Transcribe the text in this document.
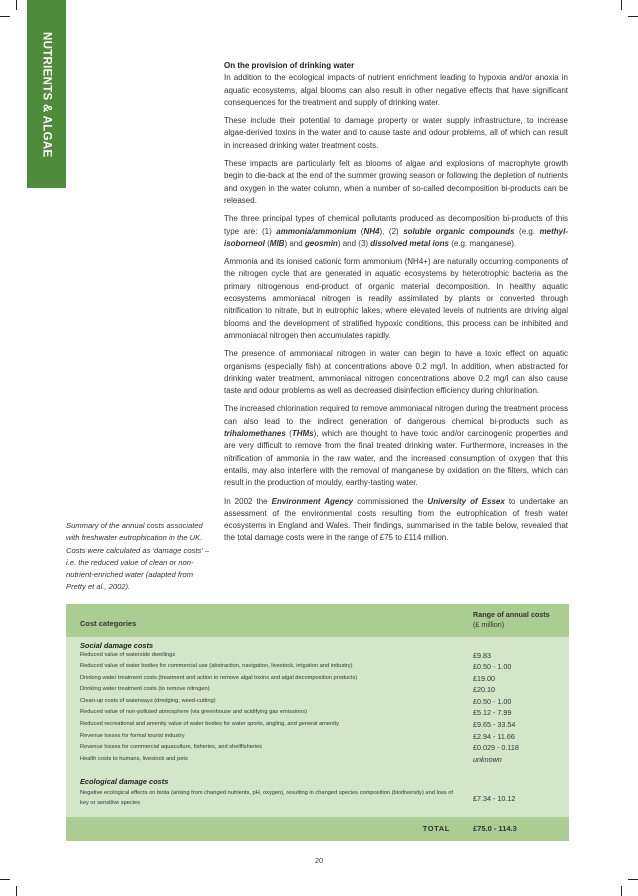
NUTRIENTS & ALGAE	On the provision of drinking water

In addition to the ecological impacts of nutrient enrichment leading to hypoxia and/or anoxia in aquatic ecosystems, algal blooms can also result in other negative effects that have significant consequences for the treatment and supply of drinking water.

These include their potential to damage property or water supply infrastructure, to increase algae-derived toxins in the water and to cause taste and odour problems, all of which can result in increased drinking water treatment costs.

These impacts are particularly felt as blooms of algae and explosions of macrophyte growth begin to die-back at the end of the summer growing season or following the depletion of nutrients and oxygen in the water column, when a number of so-called decomposition bi-products can be released.

The three principal types of chemical pollutants produced as decomposition bi-products of this type are: (1) ammonia/ammonium (NH4), (2) soluble organic compounds (e.g. methyl-isoborneol (MIB) and geosmin) and (3) dissolved metal ions (e.g. manganese).

Ammonia and its ionised cationic form ammonium (NH4+) are naturally occurring components of the nitrogen cycle that are generated in aquatic ecosystems by heterotrophic bacteria as the primary nitrogenous end-product of organic material decomposition. In healthy aquatic ecosystems ammoniacal nitrogen is readily assimilated by plants or converted through nitrification to nitrate, but in eutrophic lakes, where elevated levels of nutrients are driving algal blooms and the development of stratified hypoxic conditions, this process can be inhibited and ammoniacal nitrogen then accumulates rapidly.

The presence of ammoniacal nitrogen in water can begin to have a toxic effect on aquatic organisms (especially fish) at concentrations above 0.2 mg/l. In addition, when abstracted for drinking water treatment, ammoniacal nitrogen concentrations above 0.2 mg/l can also cause taste and odour problems as well as decreased disinfection efficiency during chlorination.

The increased chlorination required to remove ammoniacal nitrogen during the treatment process can also lead to the indirect generation of dangerous chemical bi-products such as trihalomethanes (THMs), which are thought to have toxic and/or carcinogenic properties and are very difficult to remove from the final treated drinking water. Furthermore, increases in the nitrification of ammonia in the raw water, and the increased consumption of oxygen that this entails, may also interfere with the removal of manganese by oxidation on the filters, which can result in the production of mouldy, earthy-tasting water.

In 2002 the Environment Agency commissioned the University of Essex to undertake an assessment of the environmental costs resulting from the eutrophication of fresh water ecosystems in England and Wales. Their findings, summarised in the table below, revealed that the total damage costs were in the range of £75 to £114 million.

Summary of the annual costs associated with freshwater eutrophication in the UK. Costs were calculated as 'damage costs' – i.e. the reduced value of clean or non-nutrient-enriched water (adapted from Pretty et al., 2002).
Cost categories
Range of annual costs
(£ million)
Social damage costs
Reduced value of waterside dwellings	£9.83
Reduced value of water bodies for commercial use (abstraction, navigation, livestock, irrigation and industry)	£0.50 - 1.00
Drinking water treatment costs (treatment and action to remove algal toxins and algal decomposition products)	£19.00
Drinking water treatment costs (to remove nitrogen)	£20.10
Clean-up costs of waterways (dredging, weed-cutting)	£0.50 - 1.00
Reduced value of non-polluted atmosphere (via greenhouse and acidifying gas emissions)	£5.12 - 7.99
Reduced recreational and amenity value of water bodies for water sports, angling, and general amenity	£9.65 - 33.54
Revenue losses for formal tourist industry	£2.94 - 11.66
Revenue losses for commercial aquaculture, fisheries, and shellfisheries	£0.029 - 0.118
Health costs to humans, livestock and pets	unknown
Ecological damage costs
Negative ecological effects on biota (arising from changed nutrients, pH, oxygen), resulting in changed species composition (biodiversity) and loss of key or sensitive species	£7.34 - 10.12
TOTAL	£75.0 - 114.3
20
